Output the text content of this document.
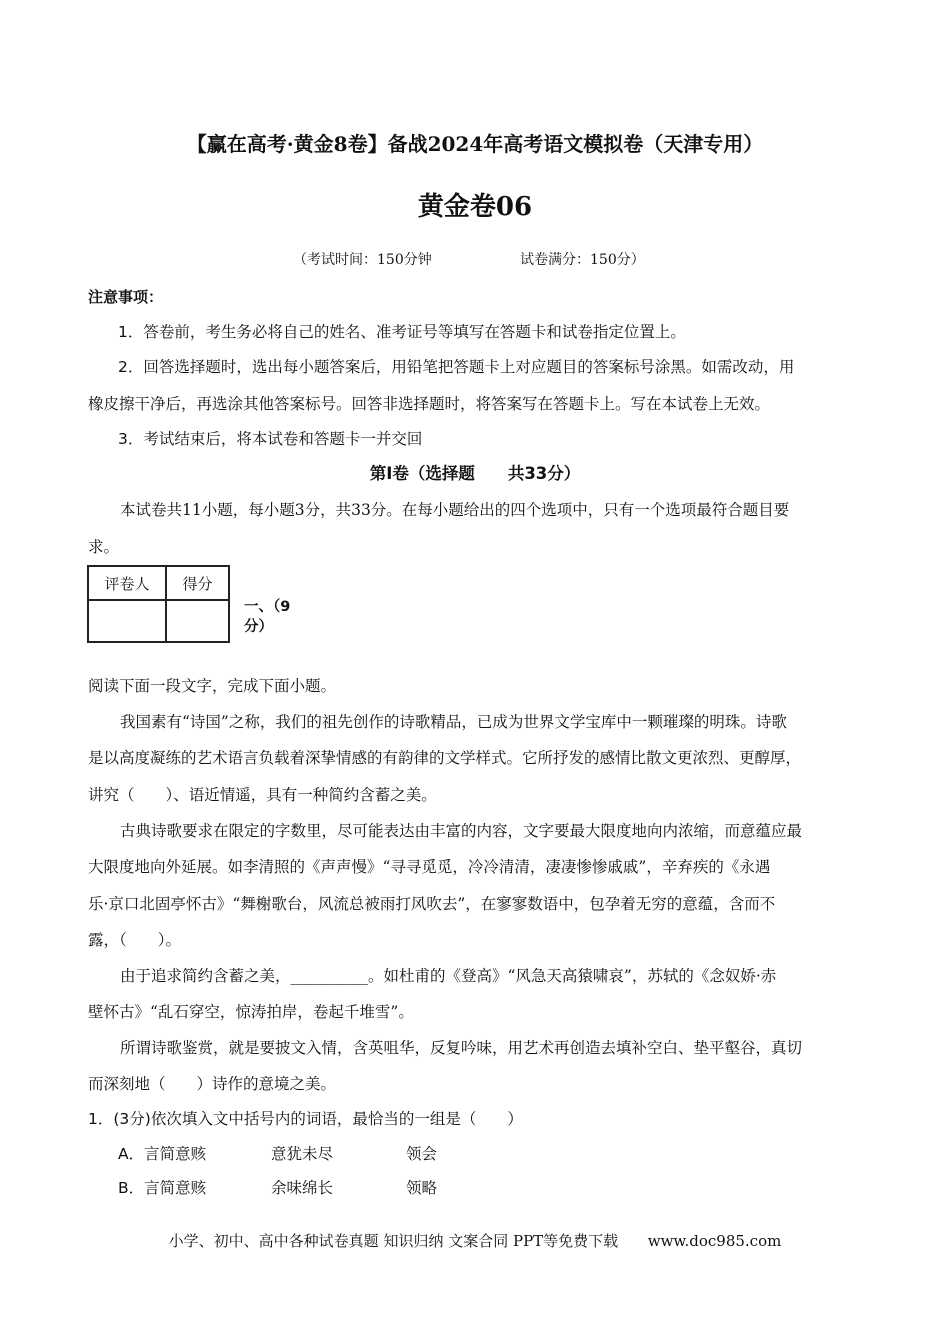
【赢在高考·黄金8卷】备战2024年高考语文模拟卷（天津专用）
黄金卷06
（考试时间：150分钟	试卷满分：150分）
注意事项：
1．答卷前，考生务必将自己的姓名、准考证号等填写在答题卡和试卷指定位置上。
2．回答选择题时，选出每小题答案后，用铅笔把答题卡上对应题目的答案标号涂黑。如需改动，用
橡皮擦干净后，再选涂其他答案标号。回答非选择题时，将答案写在答题卡上。写在本试卷上无效。
3．考试结束后，将本试卷和答题卡一并交回
第Ⅰ卷（选择题　　共33分）
本试卷共11小题，每小题3分，共33分。在每小题给出的四个选项中，只有一个选项最符合题目要
求。
评卷人	得分

一、（9
分）
阅读下面一段文字，完成下面小题。
我国素有“诗国”之称，我们的祖先创作的诗歌精品，已成为世界文学宝库中一颗璀璨的明珠。诗歌
是以高度凝练的艺术语言负载着深挚情感的有韵律的文学样式。它所抒发的感情比散文更浓烈、更醇厚，
讲究（　　）、语近情遥，具有一种简约含蓄之美。
古典诗歌要求在限定的字数里，尽可能表达由丰富的内容，文字要最大限度地向内浓缩，而意蕴应最
大限度地向外延展。如李清照的《声声慢》“寻寻觅觅，冷冷清清，凄凄惨惨戚戚”，辛弃疾的《永遇
乐·京口北固亭怀古》“舞榭歌台，风流总被雨打风吹去”，在寥寥数语中，包孕着无穷的意蕴，含而不
露，（　　）。
由于追求简约含蓄之美，__________。如杜甫的《登高》“风急天高猿啸哀”，苏轼的《念奴娇·赤
壁怀古》“乱石穿空，惊涛拍岸，卷起千堆雪”。
所谓诗歌鉴赏，就是要披文入情，含英咀华，反复吟味，用艺术再创造去填补空白、垫平壑谷，真切
而深刻地（　　）诗作的意境之美。
1．(3分)依次填入文中括号内的词语，最恰当的一组是（　　）
A．言简意赅	意犹未尽	领会
B．言简意赅	余味绵长	领略
小学、初中、高中各种试卷真题 知识归纳 文案合同 PPT等免费下载 www.doc985.com
